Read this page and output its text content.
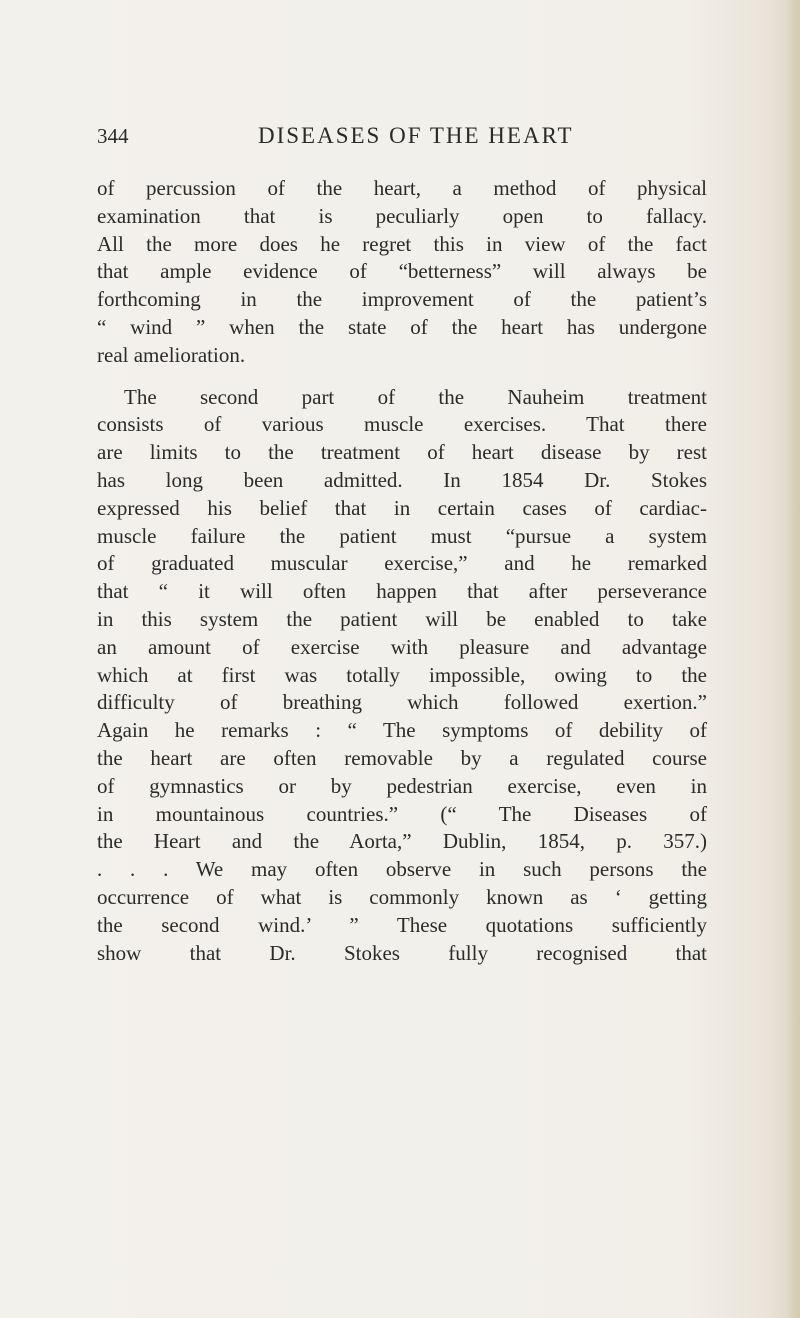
344	DISEASES OF THE HEART
of percussion of the heart, a method of physical
examination that is peculiarly open to fallacy.
All the more does he regret this in view of the fact
that ample evidence of “betterness” will always be
forthcoming in the improvement of the patient’s
“ wind ” when the state of the heart has undergone
real amelioration.
The second part of the Nauheim treatment
consists of various muscle exercises. That there
are limits to the treatment of heart disease by rest
has long been admitted. In 1854 Dr. Stokes
expressed his belief that in certain cases of cardiac-
muscle failure the patient must “pursue a system
of graduated muscular exercise,” and he remarked
that “ it will often happen that after perseverance
in this system the patient will be enabled to take
an amount of exercise with pleasure and advantage
which at first was totally impossible, owing to the
difficulty of breathing which followed exertion.”
Again he remarks : “ The symptoms of debility of
the heart are often removable by a regulated course
of gymnastics or by pedestrian exercise, even in
in mountainous countries.” (“ The Diseases of
the Heart and the Aorta,” Dublin, 1854, p. 357.)
. . . We may often observe in such persons the
occurrence of what is commonly known as ‘ getting
the second wind.’ ” These quotations sufficiently
show that Dr. Stokes fully recognised that
